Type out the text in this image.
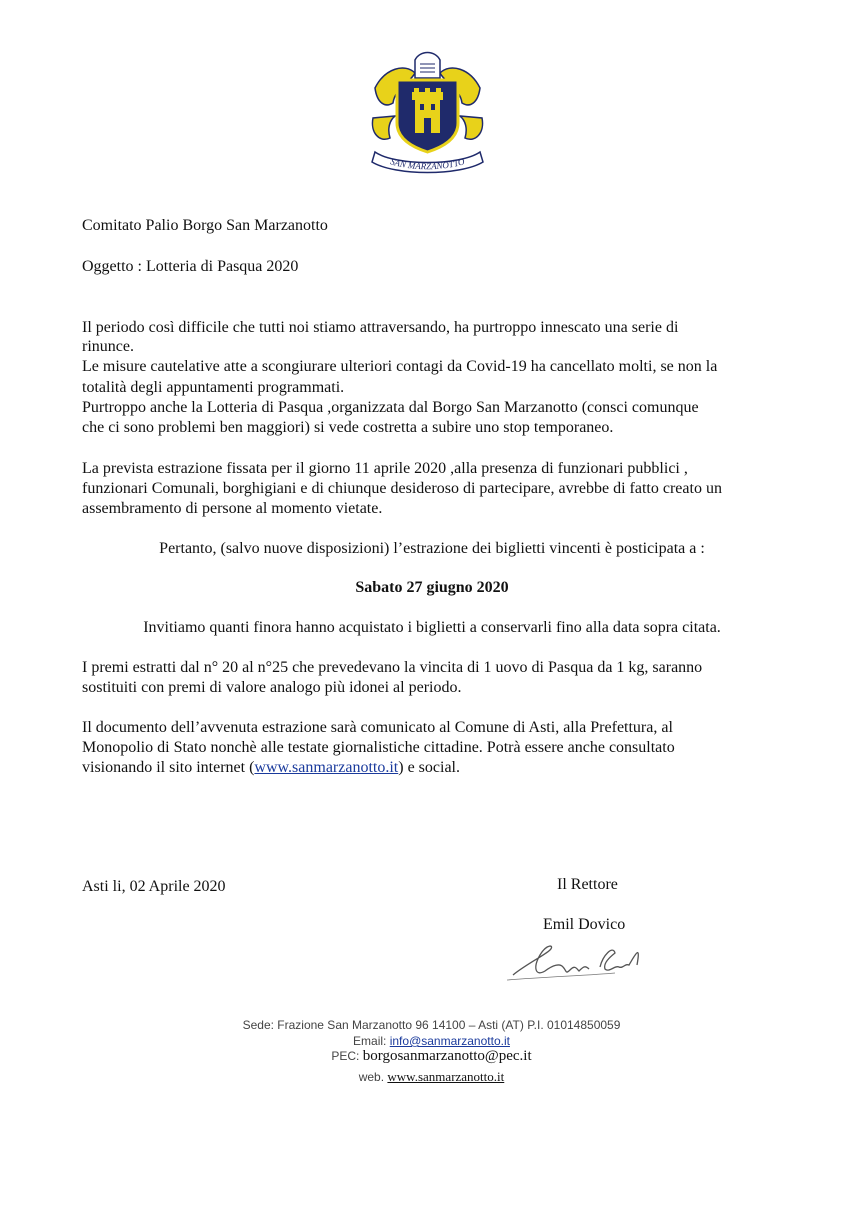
SAN MARZANOTTO

Comitato Palio Borgo San Marzanotto

Oggetto : Lotteria di Pasqua 2020

Il periodo così difficile che tutti noi stiamo attraversando, ha purtroppo innescato una serie di

rinunce.

Le misure cautelative atte a scongiurare ulteriori contagi da Covid-19 ha cancellato molti, se non la

totalità degli appuntamenti programmati.

Purtroppo anche la Lotteria di Pasqua ,organizzata dal Borgo San Marzanotto (consci comunque

che ci sono problemi ben maggiori) si vede costretta a subire uno stop temporaneo.

La prevista estrazione fissata per il giorno 11 aprile 2020 ,alla presenza di funzionari pubblici ,

funzionari Comunali, borghigiani e di chiunque desideroso di partecipare, avrebbe di fatto creato un

assembramento di persone al momento vietate.

Pertanto, (salvo nuove disposizioni) l’estrazione dei biglietti vincenti è posticipata a :

Sabato 27 giugno 2020

Invitiamo quanti finora hanno acquistato i biglietti a conservarli fino alla data sopra citata.

I premi estratti dal n° 20 al n°25 che prevedevano la vincita di 1 uovo di Pasqua da 1 kg, saranno

sostituiti con premi di valore analogo più idonei al periodo.

Il documento dell’avvenuta estrazione sarà comunicato al Comune di Asti, alla Prefettura, al

Monopolio di Stato nonchè alle testate giornalistiche cittadine. Potrà essere anche consultato

visionando il sito internet (www.sanmarzanotto.it) e social.

Asti li, 02 Aprile 2020	Il Rettore
Emil Dovico
Sede: Frazione San Marzanotto 96 14100 – Asti (AT) P.I. 01014850059
Email: info@sanmarzanotto.it
PEC: borgosanmarzanotto@pec.it
web. www.sanmarzanotto.it
